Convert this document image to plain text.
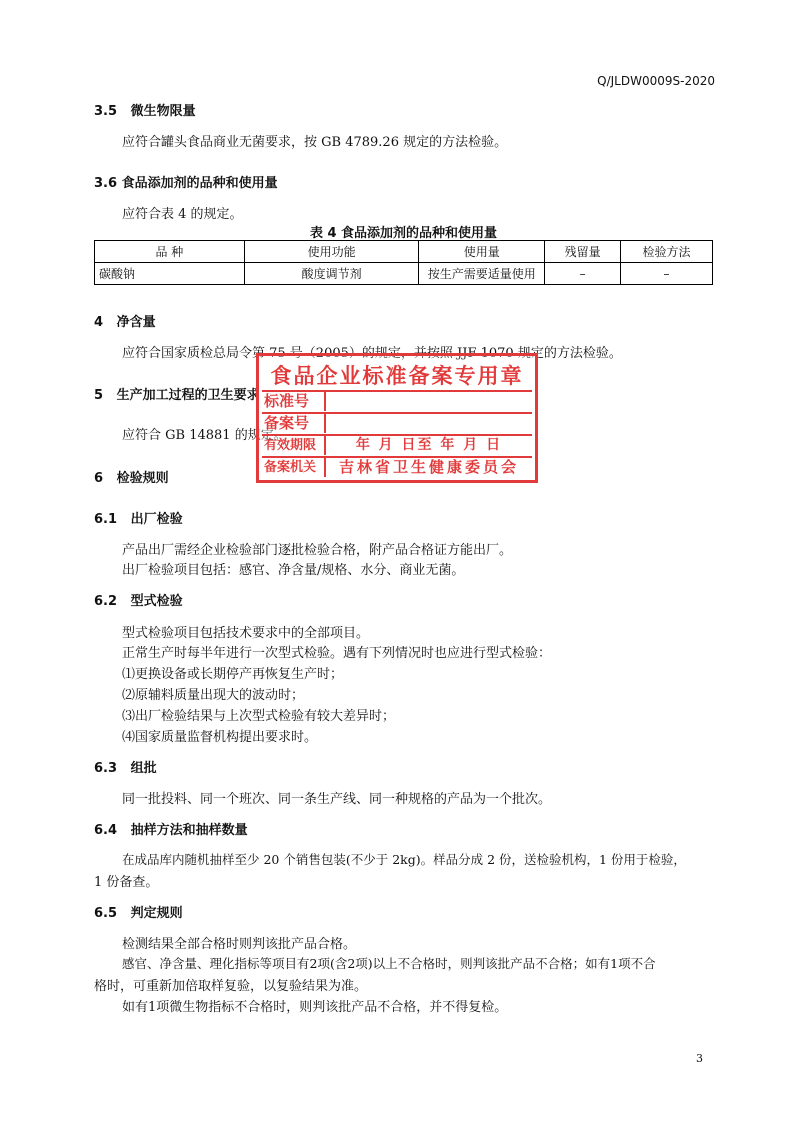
Q/JLDW0009S-2020
3.5 微生物限量
应符合罐头食品商业无菌要求，按 GB 4789.26 规定的方法检验。
3.6 食品添加剂的品种和使用量
应符合表 4 的规定。
表 4 食品添加剂的品种和使用量
品 种	使用功能	使用量	残留量	检验方法
碳酸钠	酸度调节剂	按生产需要适量使用	–	–
4 净含量
应符合国家质检总局令第 75 号（2005）的规定，并按照 JJF 1070 规定的方法检验。
5 生产加工过程的卫生要求
应符合 GB 14881 的规定。
6 检验规则
6.1 出厂检验
产品出厂需经企业检验部门逐批检验合格，附产品合格证方能出厂。
出厂检验项目包括：感官、净含量/规格、水分、商业无菌。
6.2 型式检验
型式检验项目包括技术要求中的全部项目。
正常生产时每半年进行一次型式检验。遇有下列情况时也应进行型式检验：
⑴更换设备或长期停产再恢复生产时；
⑵原辅料质量出现大的波动时；
⑶出厂检验结果与上次型式检验有较大差异时；
⑷国家质量监督机构提出要求时。
6.3 组批
同一批投料、同一个班次、同一条生产线、同一种规格的产品为一个批次。
6.4 抽样方法和抽样数量
在成品库内随机抽样至少 20 个销售包装(不少于 2kg)。样品分成 2 份，送检验机构，1 份用于检验，
1 份备查。
6.5 判定规则
检测结果全部合格时则判该批产品合格。
感官、净含量、理化指标等项目有2项(含2项)以上不合格时，则判该批产品不合格；如有1项不合
格时，可重新加倍取样复验，以复验结果为准。
如有1项微生物指标不合格时，则判该批产品不合格，并不得复检。
3
食品企业标准备案专用章
标准号
备案号
有效期限	年 月 日至 年 月 日
备案机关	吉林省卫生健康委员会
